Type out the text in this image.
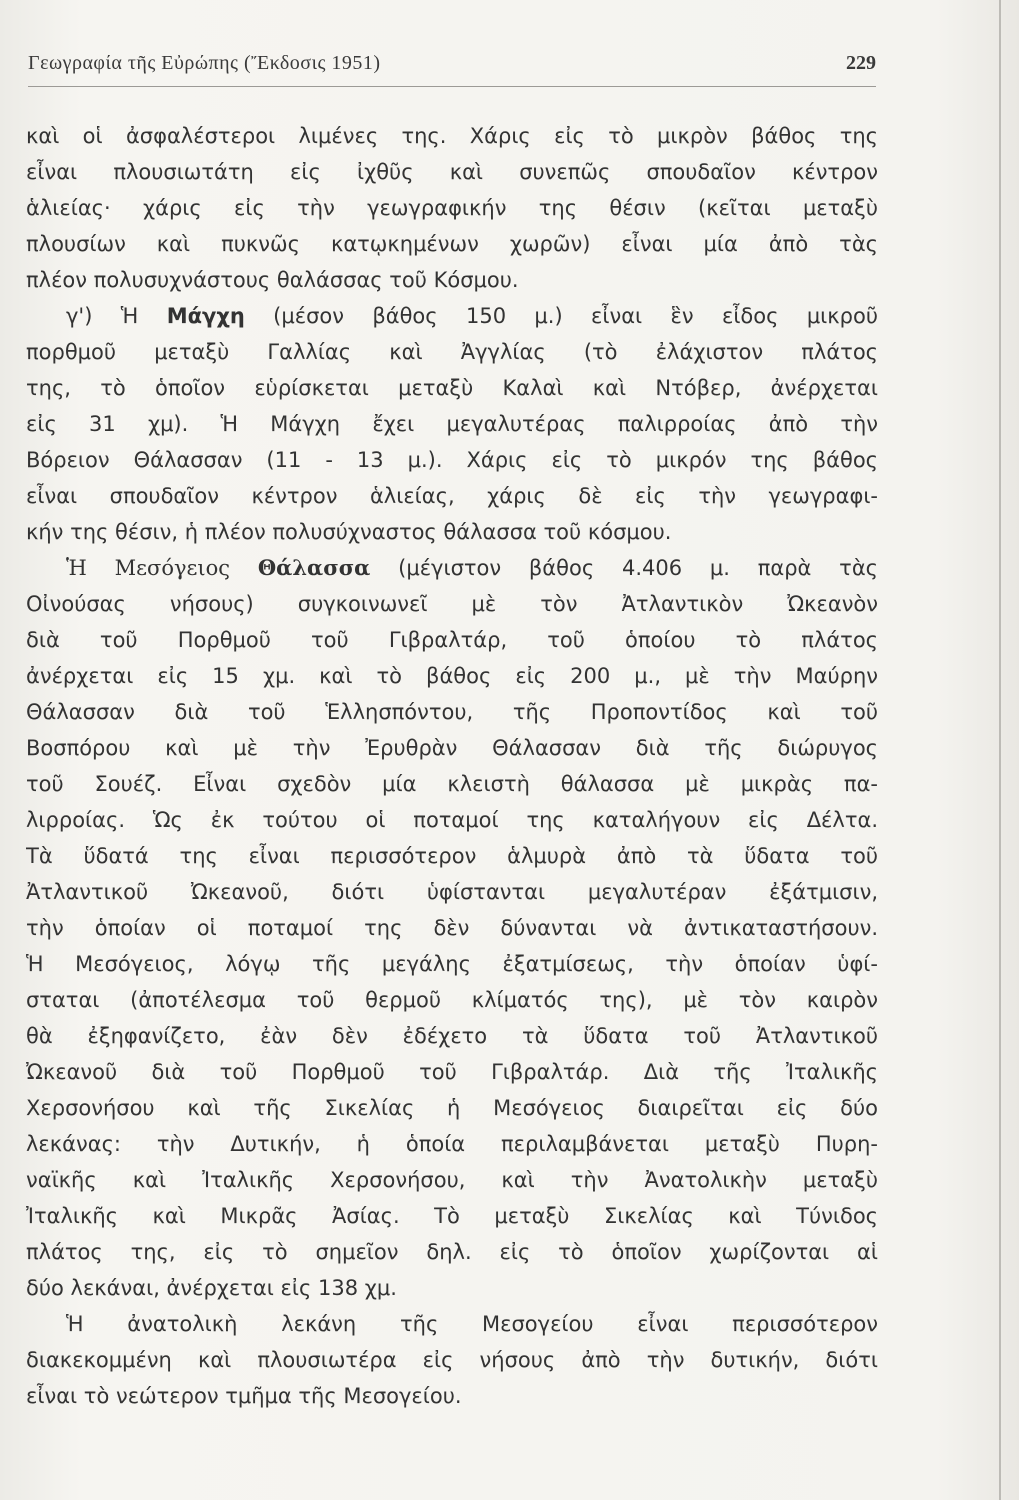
Γεωγραφία τῆς Εὐρώπης (Ἔκδοσις 1951)	229
καὶ οἱ ἀσφαλέστεροι λιμένες της. Χάρις εἰς τὸ μικρὸν βάθος της
εἶναι πλουσιωτάτη εἰς ἰχθῦς καὶ συνεπῶς σπουδαῖον κέντρον
ἁλιείας· χάρις εἰς τὴν γεωγραφικήν της θέσιν (κεῖται μεταξὺ
πλουσίων καὶ πυκνῶς κατῳκημένων χωρῶν) εἶναι μία ἀπὸ τὰς
πλέον πολυσυχνάστους θαλάσσας τοῦ Κόσμου.
γ') Ἡ Μάγχη (μέσον βάθος 150 μ.) εἶναι ἓν εἶδος μικροῦ
πορθμοῦ μεταξὺ Γαλλίας καὶ Ἀγγλίας (τὸ ἐλάχιστον πλάτος
της, τὸ ὁποῖον εὑρίσκεται μεταξὺ Καλαὶ καὶ Ντόβερ, ἀνέρχεται
εἰς 31 χμ). Ἡ Μάγχη ἔχει μεγαλυτέρας παλιρροίας ἀπὸ τὴν
Βόρειον Θάλασσαν (11 - 13 μ.). Χάρις εἰς τὸ μικρόν της βάθος
εἶναι σπουδαῖον κέντρον ἁλιείας, χάρις δὲ εἰς τὴν γεωγραφι-
κήν της θέσιν, ἡ πλέον πολυσύχναστος θάλασσα τοῦ κόσμου.
Ἡ Μεσόγειος Θάλασσα (μέγιστον βάθος 4.406 μ. παρὰ τὰς
Οἰνούσας νήσους) συγκοινωνεῖ μὲ τὸν Ἀτλαντικὸν Ὠκεανὸν
διὰ τοῦ Πορθμοῦ τοῦ Γιβραλτάρ, τοῦ ὁποίου τὸ πλάτος
ἀνέρχεται εἰς 15 χμ. καὶ τὸ βάθος εἰς 200 μ., μὲ τὴν Μαύρην
Θάλασσαν διὰ τοῦ Ἑλλησπόντου, τῆς Προποντίδος καὶ τοῦ
Βοσπόρου καὶ μὲ τὴν Ἐρυθρὰν Θάλασσαν διὰ τῆς διώρυγος
τοῦ Σουέζ. Εἶναι σχεδὸν μία κλειστὴ θάλασσα μὲ μικρὰς πα-
λιρροίας. Ὡς ἐκ τούτου οἱ ποταμοί της καταλήγουν εἰς Δέλτα.
Τὰ ὕδατά της εἶναι περισσότερον ἁλμυρὰ ἀπὸ τὰ ὕδατα τοῦ
Ἀτλαντικοῦ Ὠκεανοῦ, διότι ὑφίστανται μεγαλυτέραν ἐξάτμισιν,
τὴν ὁποίαν οἱ ποταμοί της δὲν δύνανται νὰ ἀντικαταστήσουν.
Ἡ Μεσόγειος, λόγῳ τῆς μεγάλης ἐξατμίσεως, τὴν ὁποίαν ὑφί-
σταται (ἀποτέλεσμα τοῦ θερμοῦ κλίματός της), μὲ τὸν καιρὸν
θὰ ἐξηφανίζετο, ἐὰν δὲν ἐδέχετο τὰ ὕδατα τοῦ Ἀτλαντικοῦ
Ὠκεανοῦ διὰ τοῦ Πορθμοῦ τοῦ Γιβραλτάρ. Διὰ τῆς Ἰταλικῆς
Χερσονήσου καὶ τῆς Σικελίας ἡ Μεσόγειος διαιρεῖται εἰς δύο
λεκάνας: τὴν Δυτικήν, ἡ ὁποία περιλαμβάνεται μεταξὺ Πυρη-
ναϊκῆς καὶ Ἰταλικῆς Χερσονήσου, καὶ τὴν Ἀνατολικὴν μεταξὺ
Ἰταλικῆς καὶ Μικρᾶς Ἀσίας. Τὸ μεταξὺ Σικελίας καὶ Τύνιδος
πλάτος της, εἰς τὸ σημεῖον δηλ. εἰς τὸ ὁποῖον χωρίζονται αἱ
δύο λεκάναι, ἀνέρχεται εἰς 138 χμ.
Ἡ ἀνατολικὴ λεκάνη τῆς Μεσογείου εἶναι περισσότερον
διακεκομμένη καὶ πλουσιωτέρα εἰς νήσους ἀπὸ τὴν δυτικήν, διότι
εἶναι τὸ νεώτερον τμῆμα τῆς Μεσογείου.
